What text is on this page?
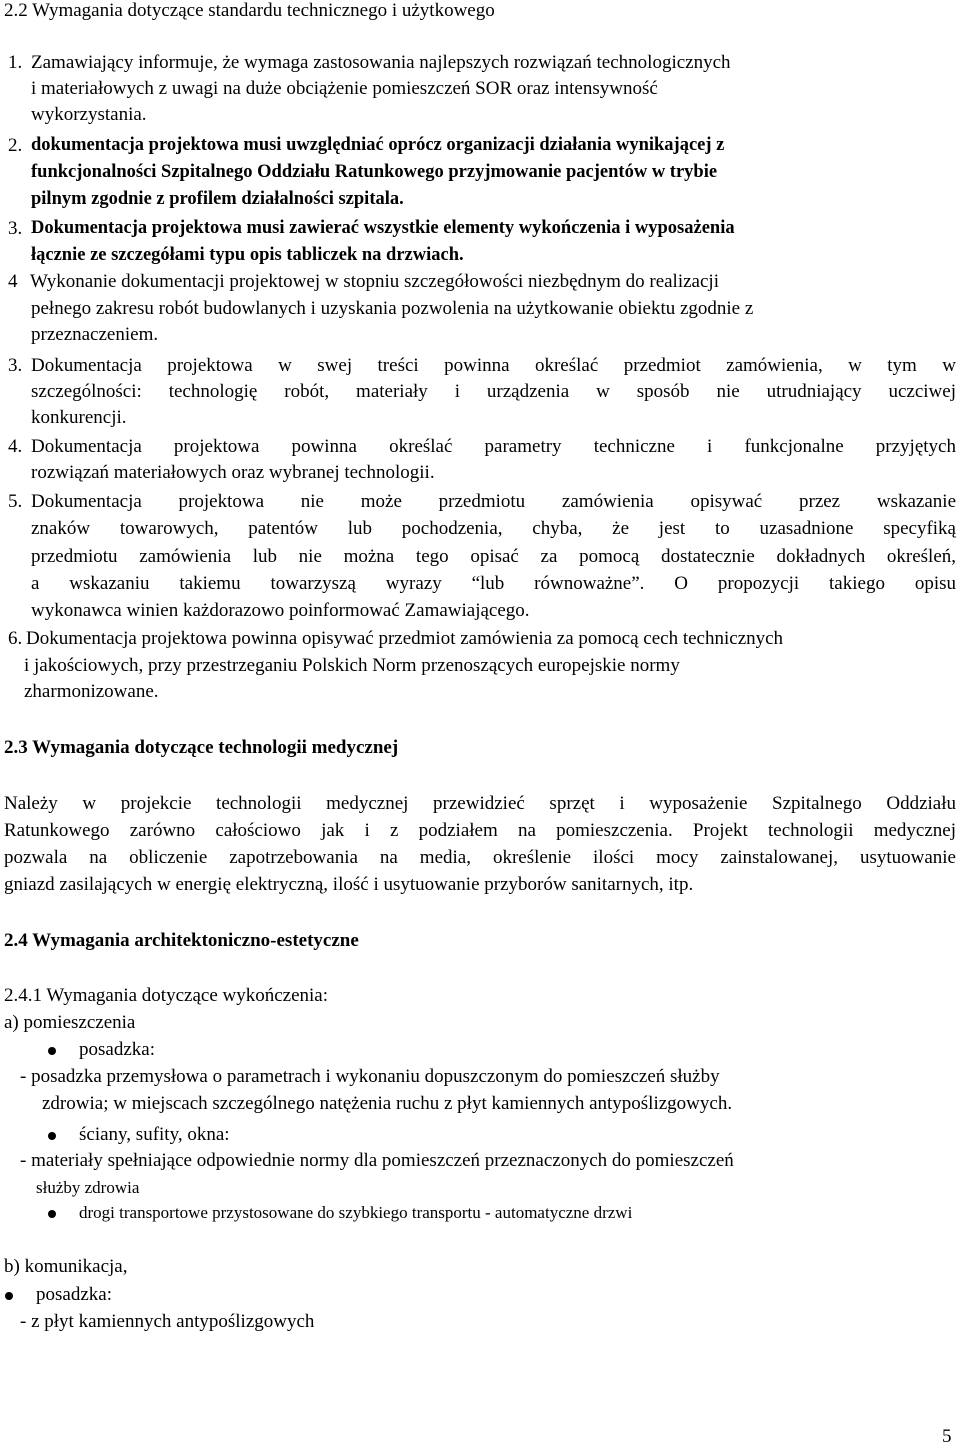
2.2 Wymagania dotyczące standardu technicznego i użytkowego
1. Zamawiający informuje, że wymaga zastosowania najlepszych rozwiązań technologicznych
i materiałowych z uwagi na duże obciążenie pomieszczeń SOR oraz intensywność
wykorzystania.
2. dokumentacja projektowa musi uwzględniać oprócz organizacji działania wynikającej z
funkcjonalności Szpitalnego Oddziału Ratunkowego przyjmowanie pacjentów w trybie
pilnym zgodnie z profilem działalności szpitala.
3. Dokumentacja projektowa musi zawierać wszystkie elementy wykończenia i wyposażenia
łącznie ze szczegółami typu opis tabliczek na drzwiach.
4 Wykonanie dokumentacji projektowej w stopniu szczegółowości niezbędnym do realizacji
pełnego zakresu robót budowlanych i uzyskania pozwolenia na użytkowanie obiektu zgodnie z
przeznaczeniem.
3. Dokumentacja projektowa w swej treści powinna określać przedmiot zamówienia, w tym w
szczególności: technologię robót, materiały i urządzenia w sposób nie utrudniający uczciwej
konkurencji.
4. Dokumentacja projektowa powinna określać parametry techniczne i funkcjonalne przyjętych
rozwiązań materiałowych oraz wybranej technologii.
5. Dokumentacja projektowa nie może przedmiotu zamówienia opisywać przez wskazanie
znaków towarowych, patentów lub pochodzenia, chyba, że jest to uzasadnione specyfiką
przedmiotu zamówienia lub nie można tego opisać za pomocą dostatecznie dokładnych określeń,
a wskazaniu takiemu towarzyszą wyrazy “lub równoważne”. O propozycji takiego opisu
wykonawca winien każdorazowo poinformować Zamawiającego.
6. Dokumentacja projektowa powinna opisywać przedmiot zamówienia za pomocą cech technicznych
i jakościowych, przy przestrzeganiu Polskich Norm przenoszących europejskie normy
zharmonizowane.
2.3 Wymagania dotyczące technologii medycznej
Należy w projekcie technologii medycznej przewidzieć sprzęt i wyposażenie Szpitalnego Oddziału
Ratunkowego zarówno całościowo jak i z podziałem na pomieszczenia. Projekt technologii medycznej
pozwala na obliczenie zapotrzebowania na media, określenie ilości mocy zainstalowanej, usytuowanie
gniazd zasilających w energię elektryczną, ilość i usytuowanie przyborów sanitarnych, itp.
2.4 Wymagania architektoniczno-estetyczne
2.4.1 Wymagania dotyczące wykończenia:
a) pomieszczenia
posadzka:
- posadzka przemysłowa o parametrach i wykonaniu dopuszczonym do pomieszczeń służby
zdrowia; w miejscach szczególnego natężenia ruchu z płyt kamiennych antypoślizgowych.
ściany, sufity, okna:
- materiały spełniające odpowiednie normy dla pomieszczeń przeznaczonych do pomieszczeń
służby zdrowia
drogi transportowe przystosowane do szybkiego transportu - automatyczne drzwi
b) komunikacja,
posadzka:
- z płyt kamiennych antypoślizgowych
5
